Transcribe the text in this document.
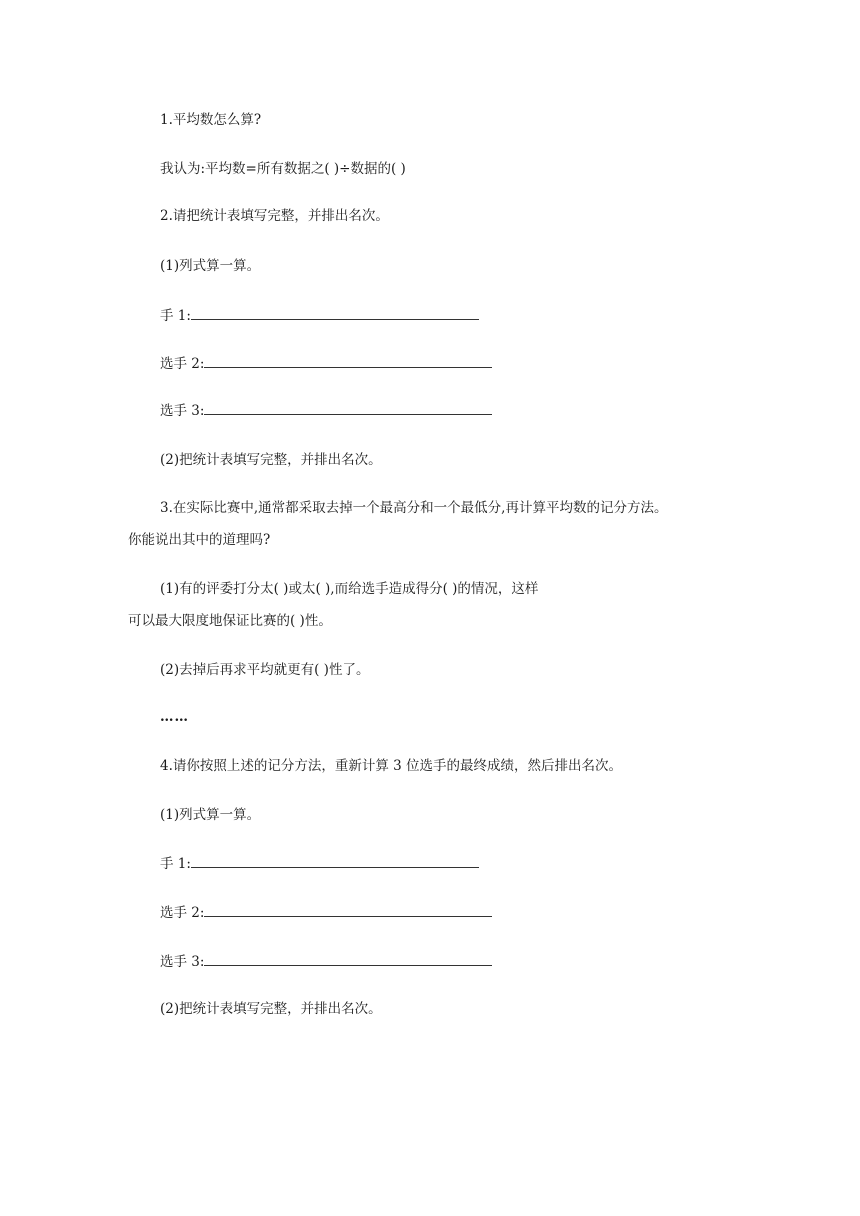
1.平均数怎么算?
我认为:平均数=所有数据之( )÷数据的( )
2.请把统计表填写完整，并排出名次。
(1)列式算一算。
手 1:
选手 2:
选手 3:
(2)把统计表填写完整，并排出名次。
3.在实际比赛中,通常都采取去掉一个最高分和一个最低分,再计算平均数的记分方法。
你能说出其中的道理吗?
(1)有的评委打分太( )或太( ),而给选手造成得分( )的情况，这样
可以最大限度地保证比赛的( )性。
(2)去掉后再求平均就更有( )性了。
……
4.请你按照上述的记分方法，重新计算 3 位选手的最终成绩，然后排出名次。
(1)列式算一算。
手 1:
选手 2:
选手 3:
(2)把统计表填写完整，并排出名次。
